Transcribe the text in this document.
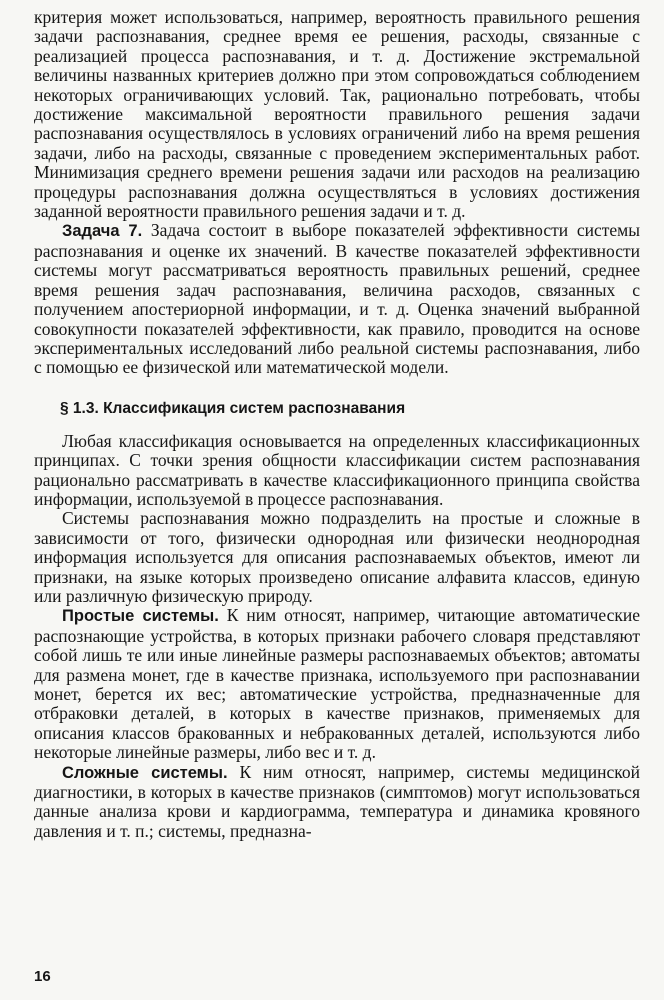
критерия может использоваться, например, вероятность правильного решения задачи распознавания, среднее время ее решения, расходы, связанные с реализацией процесса распознавания, и т. д. Достижение экстремальной величины названных критериев должно при этом сопровождаться соблюдением некоторых ограничивающих условий. Так, рационально потребовать, чтобы достижение максимальной вероятности правильного решения задачи распознавания осуществлялось в условиях ограничений либо на время решения задачи, либо на расходы, связанные с проведением экспериментальных работ. Минимизация среднего времени решения задачи или расходов на реализацию процедуры распознавания должна осуществляться в условиях достижения заданной вероятности правильного решения задачи и т. д.

Задача 7. Задача состоит в выборе показателей эффективности системы распознавания и оценке их значений. В качестве показателей эффективности системы могут рассматриваться вероятность правильных решений, среднее время решения задач распознавания, величина расходов, связанных с получением апостериорной информации, и т. д. Оценка значений выбранной совокупности показателей эффективности, как правило, проводится на основе экспериментальных исследований либо реальной системы распознавания, либо с помощью ее физической или математической модели.

§ 1.3. Классификация систем распознавания

Любая классификация основывается на определенных классификационных принципах. С точки зрения общности классификации систем распознавания рационально рассматривать в качестве классификационного принципа свойства информации, используемой в процессе распознавания.

Системы распознавания можно подразделить на простые и сложные в зависимости от того, физически однородная или физически неоднородная информация используется для описания распознаваемых объектов, имеют ли признаки, на языке которых произведено описание алфавита классов, единую или различную физическую природу.

Простые системы. К ним относят, например, читающие автоматические распознающие устройства, в которых признаки рабочего словаря представляют собой лишь те или иные линейные размеры распознаваемых объектов; автоматы для размена монет, где в качестве признака, используемого при распознавании монет, берется их вес; автоматические устройства, предназначенные для отбраковки деталей, в которых в качестве признаков, применяемых для описания классов бракованных и небракованных деталей, используются либо некоторые линейные размеры, либо вес и т. д.

Сложные системы. К ним относят, например, системы медицинской диагностики, в которых в качестве признаков (симптомов) могут использоваться данные анализа крови и кардиограмма, температура и динамика кровяного давления и т. п.; системы, предназна-

16
